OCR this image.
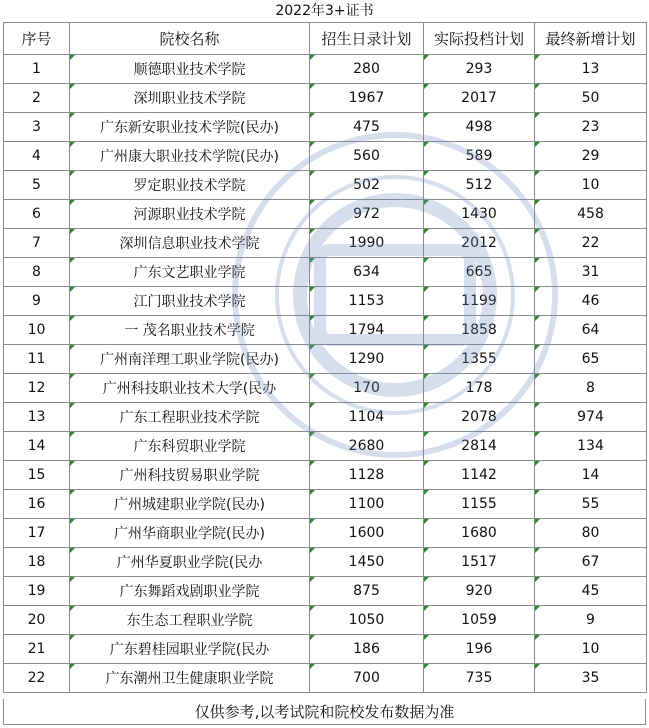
2022年3+证书
序号	院校名称	招生日录计划	实际投档计划	最终新增计划
1	顺德职业技术学院	280	293	13

2	深圳职业技术学院	1967	2017	50

3	广东新安职业技术学院(民办)	475	498	23

4	广州康大职业技术学院(民办)	560	589	29

5	罗定职业技术学院	502	512	10

6	河源职业技术学院	972	1430	458

7	深圳信息职业技术学院	1990	2012	22

8	广东文艺职业学院	634	665	31

9	江门职业技术学院	1153	1199	46

10	一 茂名职业技术学院	1794	1858	64

11	广州南洋理工职业学院(民办)	1290	1355	65

12	广州科技职业技术大学(民办	170	178	8

13	广东工程职业技术学院	1104	2078	974

14	广东科贸职业学院	2680	2814	134

15	广州科技贸易职业学院	1128	1142	14

16	广州城建职业学院(民办)	1100	1155	55

17	广州华商职业学院(民办)	1600	1680	80

18	广州华夏职业学院(民办	1450	1517	67

19	广东舞蹈戏剧职业学院	875	920	45

20	东生态工程职业学院	1050	1059	9

21	广东碧桂园职业学院(民办	186	196	10

22	广东潮州卫生健康职业学院	700	735	35
仅供参考,以考试院和院校发布数据为准
